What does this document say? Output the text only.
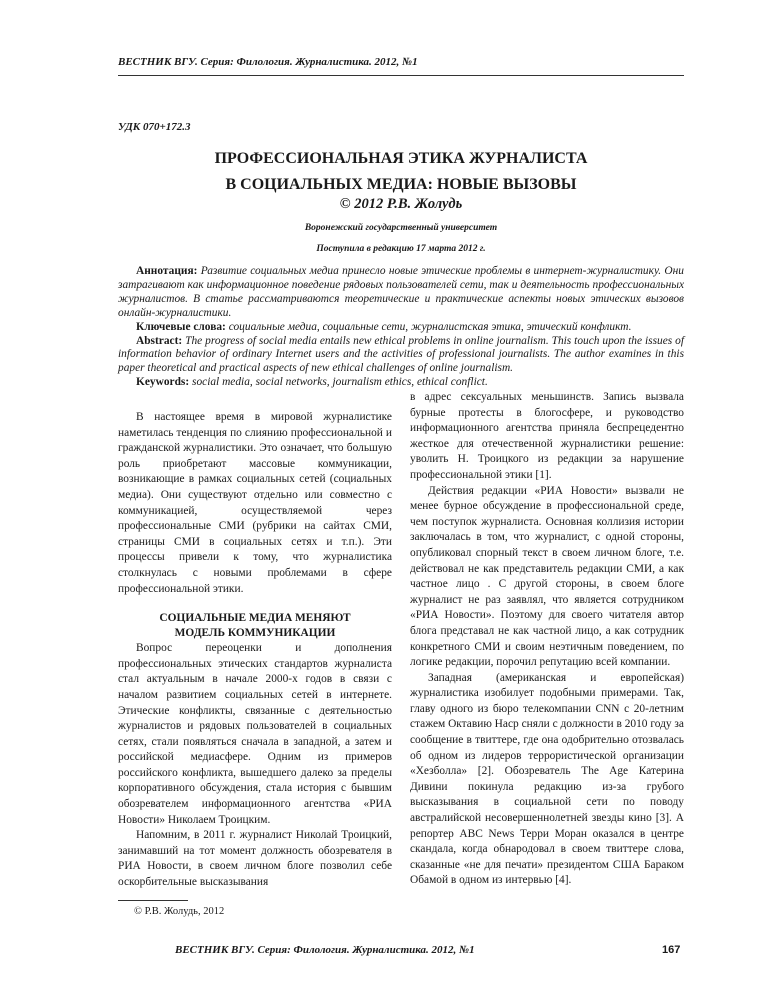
ВЕСТНИК ВГУ. Серия: Филология. Журналистика. 2012, №1
УДК 070+172.3
ПРОФЕССИОНАЛЬНАЯ ЭТИКА ЖУРНАЛИСТА
В СОЦИАЛЬНЫХ МЕДИА: НОВЫЕ ВЫЗОВЫ
© 2012 Р.В. Жолудь
Воронежский государственный университет
Поступила в редакцию 17 марта 2012 г.

Аннотация: Развитие социальных медиа принесло новые этические проблемы в интернет-журналистику. Они затрагивают как информационное поведение рядовых пользователей сети, так и деятельность профессиональных журналистов. В статье рассматриваются теоретические и практические аспекты новых этических вызовов онлайн-журналистики.

Ключевые слова: социальные медиа, социальные сети, журналистская этика, этический конфликт.

Abstract: The progress of social media entails new ethical problems in online journalism. This touch upon the issues of information behavior of ordinary Internet users and the activities of professional journalists. The author examines in this paper theoretical and practical aspects of new ethical challenges of online journalism.

Keywords: social media, social networks, journalism ethics, ethical conflict.

В настоящее время в мировой журналистике наметилась тенденция по слиянию профессиональной и гражданской журналистики. Это означает, что большую роль приобретают массовые коммуникации, возникающие в рамках социальных сетей (социальных медиа). Они существуют отдельно или совместно с коммуникацией, осуществляемой через профессиональные СМИ (рубрики на сайтах СМИ, страницы СМИ в социальных сетях и т.п.). Эти процессы привели к тому, что журналистика столкнулась с новыми проблемами в сфере профессиональной этики.

СОЦИАЛЬНЫЕ МЕДИА МЕНЯЮТ
МОДЕЛЬ КОММУНИКАЦИИ

Вопрос переоценки и дополнения профессиональных этических стандартов журналиста стал актуальным в начале 2000-х годов в связи с началом развитием социальных сетей в интернете. Этические конфликты, связанные с деятельностью журналистов и рядовых пользователей в социальных сетях, стали появляться сначала в западной, а затем и российской медиасфере. Одним из примеров российского конфликта, вышедшего далеко за пределы корпоративного обсуждения, стала история с бывшим обозревателем информационного агентства «РИА Новости» Николаем Троицким.

Напомним, в 2011 г. журналист Николай Троицкий, занимавший на тот момент должность обозревателя в РИА Новости, в своем личном блоге позволил себе оскорбительные высказывания

в адрес сексуальных меньшинств. Запись вызвала бурные протесты в блогосфере, и руководство информационного агентства приняла беспрецедентно жесткое для отечественной журналистики решение: уволить Н. Троицкого из редакции за нарушение профессиональной этики [1].

Действия редакции «РИА Новости» вызвали не менее бурное обсуждение в профессиональной среде, чем поступок журналиста. Основная коллизия истории заключалась в том, что журналист, с одной стороны, опубликовал спорный текст в своем личном блоге, т.е. действовал не как представитель редакции СМИ, а как частное лицо . С другой стороны, в своем блоге журналист не раз заявлял, что является сотрудником «РИА Новости». Поэтому для своего читателя автор блога представал не как частной лицо, а как сотрудник конкретного СМИ и своим неэтичным поведением, по логике редакции, порочил репутацию всей компании.

Западная (американская и европейская) журналистика изобилует подобными примерами. Так, главу одного из бюро телекомпании CNN с 20-летним стажем Октавию Наср сняли с должности в 2010 году за сообщение в твиттере, где она одобрительно отозвалась об одном из лидеров террористической организации «Хезболла» [2]. Обозреватель The Age Катерина Дивини покинула редакцию из-за грубого высказывания в социальной сети по поводу австралийской несовершеннолетней звезды кино [3]. А репортер ABC News Терри Моран оказался в центре скандала, когда обнародовал в своем твиттере слова, сказанные «не для печати» президентом США Бараком Обамой в одном из интервью [4].

© Р.В. Жолудь, 2012
ВЕСТНИК ВГУ. Серия: Филология. Журналистика. 2012, №1	167
